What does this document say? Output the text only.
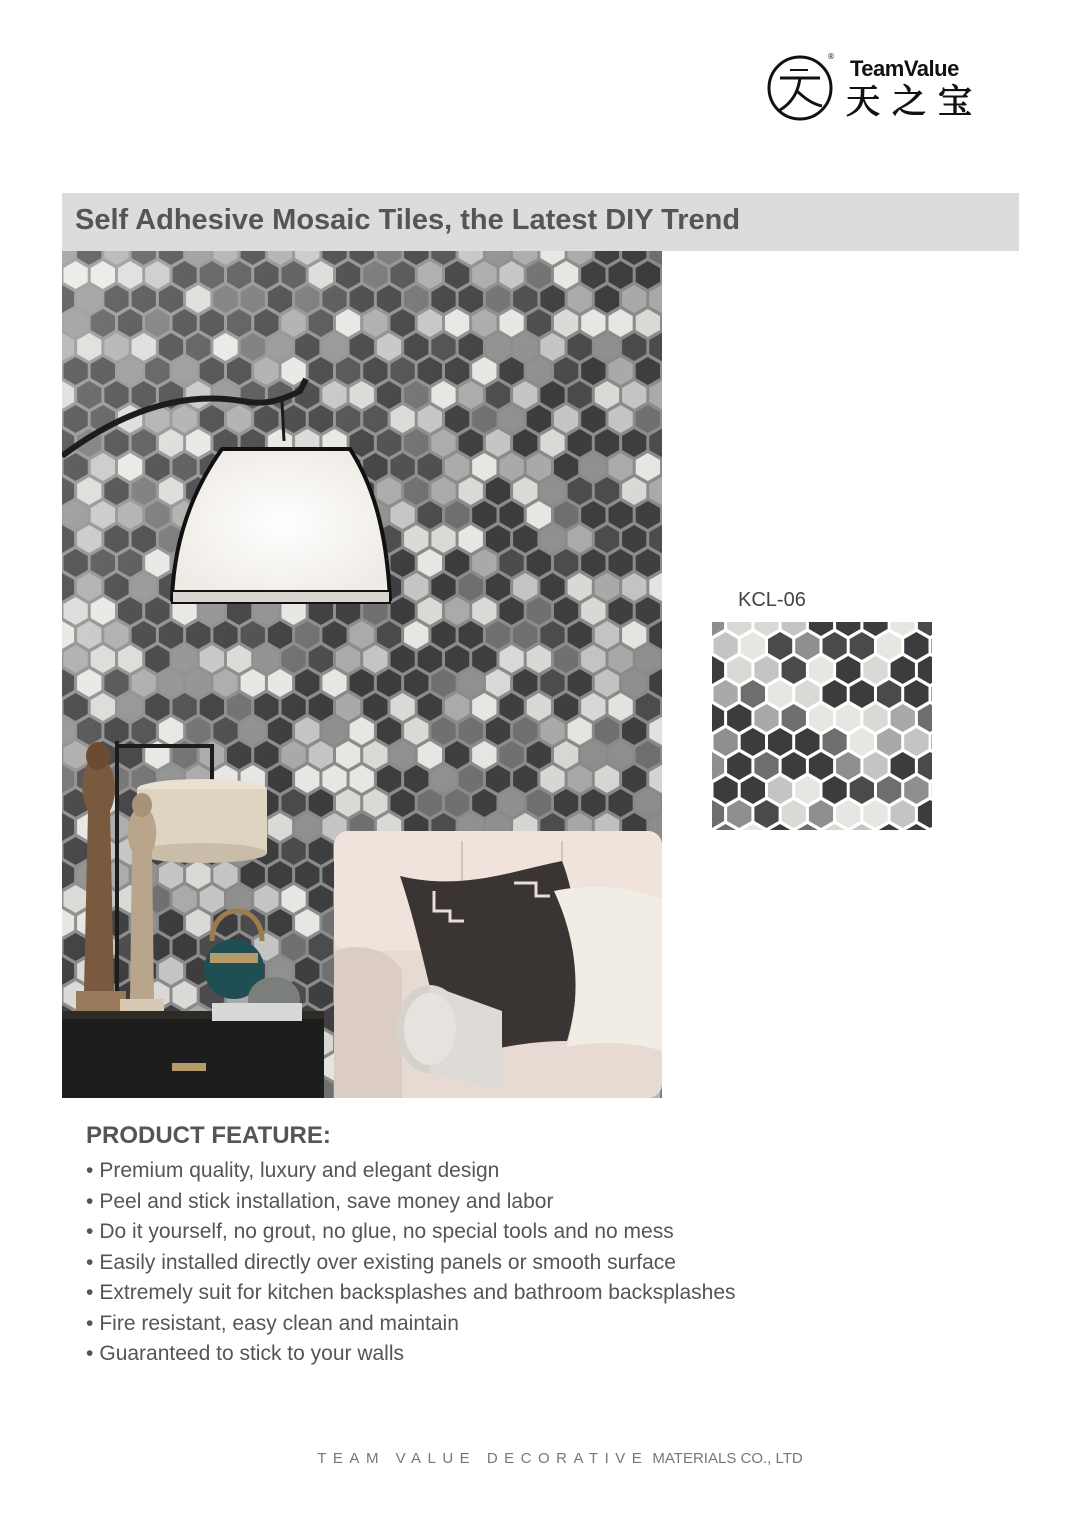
® TeamValue
天之宝
Self Adhesive Mosaic Tiles, the Latest DIY Trend
KCL-06
PRODUCT FEATURE:
• Premium quality, luxury and elegant design
• Peel and stick installation, save money and labor
• Do it yourself, no grout, no glue, no special tools and no mess
• Easily installed directly over existing panels or smooth surface
• Extremely suit for kitchen backsplashes and bathroom backsplashes
• Fire resistant, easy clean and maintain
• Guaranteed to stick to your walls
TEAM VALUE DECORATIVE MATERIALS CO., LTD
